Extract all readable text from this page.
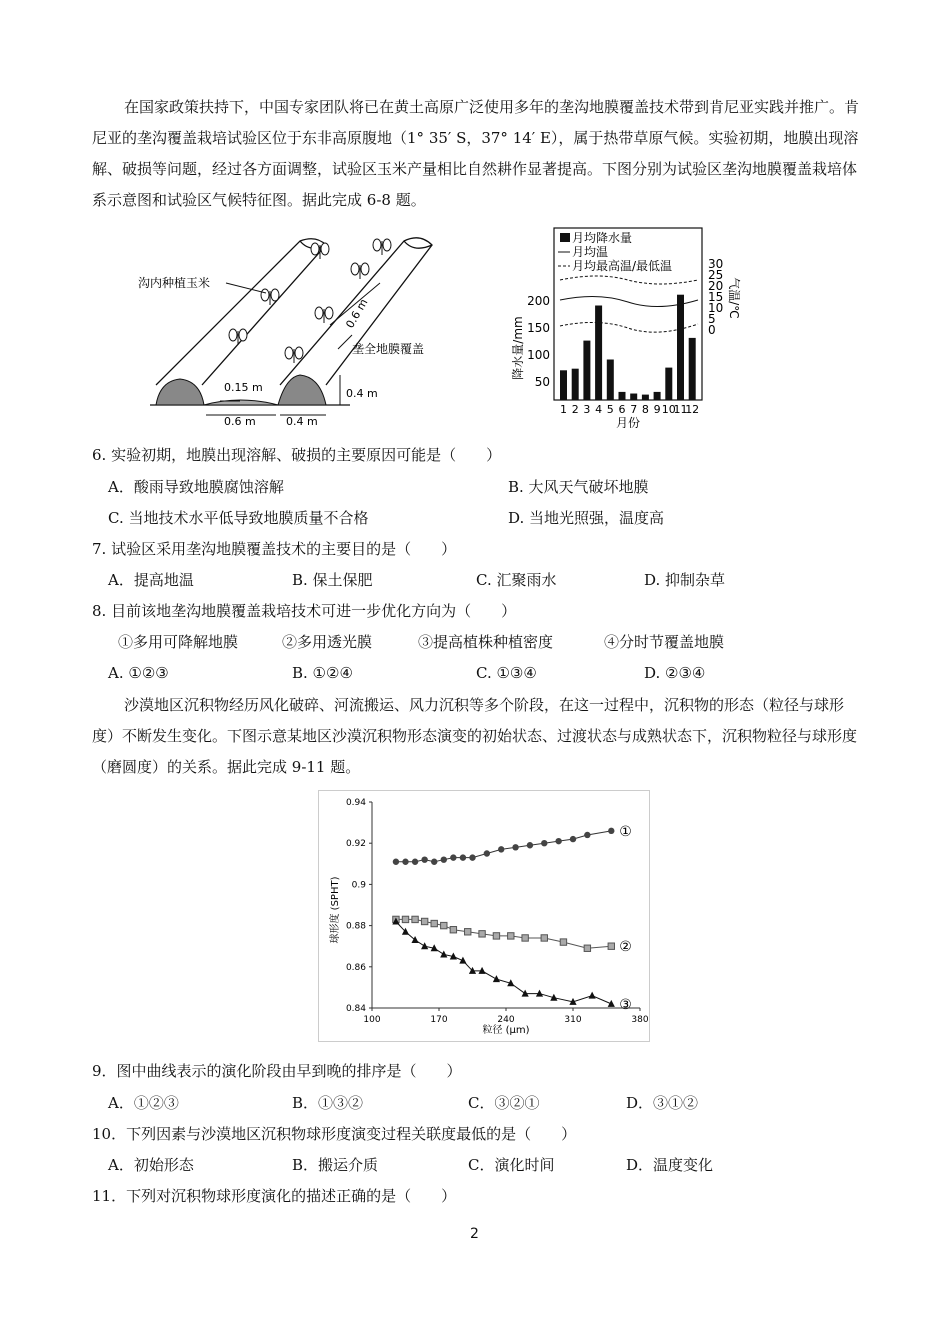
在国家政策扶持下，中国专家团队将已在黄土高原广泛使用多年的垄沟地膜覆盖技术带到肯尼亚实践并推广。肯尼亚的垄沟覆盖栽培试验区位于东非高原腹地（1° 35′ S，37° 14′ E），属于热带草原气候。实验初期，地膜出现溶解、破损等问题，经过各方面调整，试验区玉米产量相比自然耕作显著提高。下图分别为试验区垄沟地膜覆盖栽培体系示意图和试验区气候特征图。据此完成 6-8 题。
沟内种植玉米
垄全地膜覆盖
0.6 m
0.15 m	0.4 m
0.6 m	0.4 m
月均降水量
月均温
月均最高温/最低温
50
100
150
200
0
5
10
15
20
25
30
1 2 3 4 5 6 7 8 9 10
11
12
降水量/mm
气温/℃
月份
6. 实验初期，地膜出现溶解、破损的主要原因可能是（　　）
A．酸雨导致地膜腐蚀溶解	B. 大风天气破坏地膜
C. 当地技术水平低导致地膜质量不合格	D. 当地光照强，温度高
7. 试验区采用垄沟地膜覆盖技术的主要目的是（　　）
A．提高地温	B. 保土保肥	C. 汇聚雨水	D. 抑制杂草
8. 目前该地垄沟地膜覆盖栽培技术可进一步优化方向为（　　）
①多用可降解地膜	②多用透光膜	③提高植株种植密度	④分时节覆盖地膜
A. ①②③	B. ①②④	C. ①③④	D. ②③④
沙漠地区沉积物经历风化破碎、河流搬运、风力沉积等多个阶段，在这一过程中，沉积物的形态（粒径与球形度）不断发生变化。下图示意某地区沙漠沉积物形态演变的初始状态、过渡状态与成熟状态下，沉积物粒径与球形度（磨圆度）的关系。据此完成 9-11 题。
0.84
0.86
0.88
0.9
0.92
0.94
100	170	240	310	380
①
②
③
球形度 (SPHT)
粒径 (μm)
9．图中曲线表示的演化阶段由早到晚的排序是（　　）
A．①②③	B．①③②	C．③②①	D．③①②
10．下列因素与沙漠地区沉积物球形度演变过程关联度最低的是（　　）
A．初始形态	B．搬运介质	C．演化时间	D．温度变化
11．下列对沉积物球形度演化的描述正确的是（　　）
2
